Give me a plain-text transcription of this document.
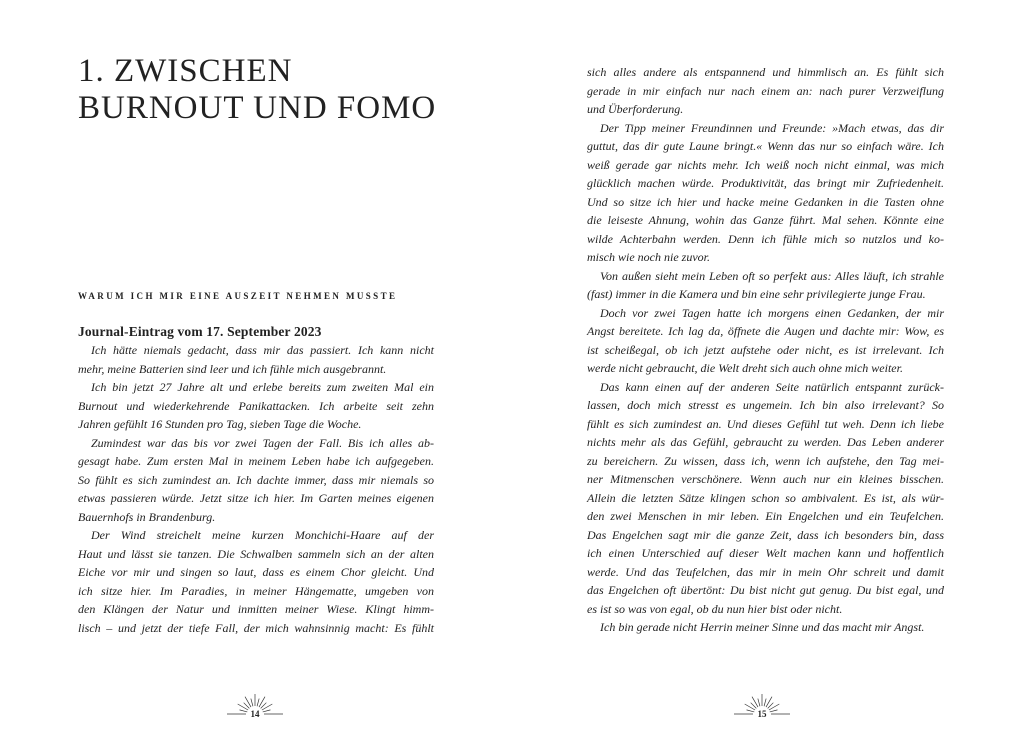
1. ZWISCHEN
BURNOUT UND FOMO
WARUM ICH MIR EINE AUSZEIT NEHMEN MUSSTE
Journal-Eintrag vom 17. September 2023
Ich hätte niemals gedacht, dass mir das passiert. Ich kann nicht
mehr, meine Batterien sind leer und ich fühle mich ausgebrannt.
Ich bin jetzt 27 Jahre alt und erlebe bereits zum zweiten Mal ein
Burnout und wiederkehrende Panikattacken. Ich arbeite seit zehn
Jahren gefühlt 16 Stunden pro Tag, sieben Tage die Woche.
Zumindest war das bis vor zwei Tagen der Fall. Bis ich alles ab-
gesagt habe. Zum ersten Mal in meinem Leben habe ich aufgegeben.
So fühlt es sich zumindest an. Ich dachte immer, dass mir niemals so
etwas passieren würde. Jetzt sitze ich hier. Im Garten meines eigenen
Bauernhofs in Brandenburg.
Der Wind streichelt meine kurzen Monchichi-Haare auf der
Haut und lässt sie tanzen. Die Schwalben sammeln sich an der alten
Eiche vor mir und singen so laut, dass es einem Chor gleicht. Und
ich sitze hier. Im Paradies, in meiner Hängematte, umgeben von
den Klängen der Natur und inmitten meiner Wiese. Klingt himm-
lisch – und jetzt der tiefe Fall, der mich wahnsinnig macht: Es fühlt
14
sich alles andere als entspannend und himmlisch an. Es fühlt sich
gerade in mir einfach nur nach einem an: nach purer Verzweiflung
und Überforderung.
Der Tipp meiner Freundinnen und Freunde: »Mach etwas, das dir
guttut, das dir gute Laune bringt.« Wenn das nur so einfach wäre. Ich
weiß gerade gar nichts mehr. Ich weiß noch nicht einmal, was mich
glücklich machen würde. Produktivität, das bringt mir Zufriedenheit.
Und so sitze ich hier und hacke meine Gedanken in die Tasten ohne
die leiseste Ahnung, wohin das Ganze führt. Mal sehen. Könnte eine
wilde Achterbahn werden. Denn ich fühle mich so nutzlos und ko-
misch wie noch nie zuvor.
Von außen sieht mein Leben oft so perfekt aus: Alles läuft, ich strahle
(fast) immer in die Kamera und bin eine sehr privilegierte junge Frau.
Doch vor zwei Tagen hatte ich morgens einen Gedanken, der mir
Angst bereitete. Ich lag da, öffnete die Augen und dachte mir: Wow, es
ist scheißegal, ob ich jetzt aufstehe oder nicht, es ist irrelevant. Ich
werde nicht gebraucht, die Welt dreht sich auch ohne mich weiter.
Das kann einen auf der anderen Seite natürlich entspannt zurück-
lassen, doch mich stresst es ungemein. Ich bin also irrelevant? So
fühlt es sich zumindest an. Und dieses Gefühl tut weh. Denn ich liebe
nichts mehr als das Gefühl, gebraucht zu werden. Das Leben anderer
zu bereichern. Zu wissen, dass ich, wenn ich aufstehe, den Tag mei-
ner Mitmenschen verschönere. Wenn auch nur ein kleines bisschen.
Allein die letzten Sätze klingen schon so ambivalent. Es ist, als wür-
den zwei Menschen in mir leben. Ein Engelchen und ein Teufelchen.
Das Engelchen sagt mir die ganze Zeit, dass ich besonders bin, dass
ich einen Unterschied auf dieser Welt machen kann und hoffentlich
werde. Und das Teufelchen, das mir in mein Ohr schreit und damit
das Engelchen oft übertönt: Du bist nicht gut genug. Du bist egal, und
es ist so was von egal, ob du nun hier bist oder nicht.
Ich bin gerade nicht Herrin meiner Sinne und das macht mir Angst.
15
